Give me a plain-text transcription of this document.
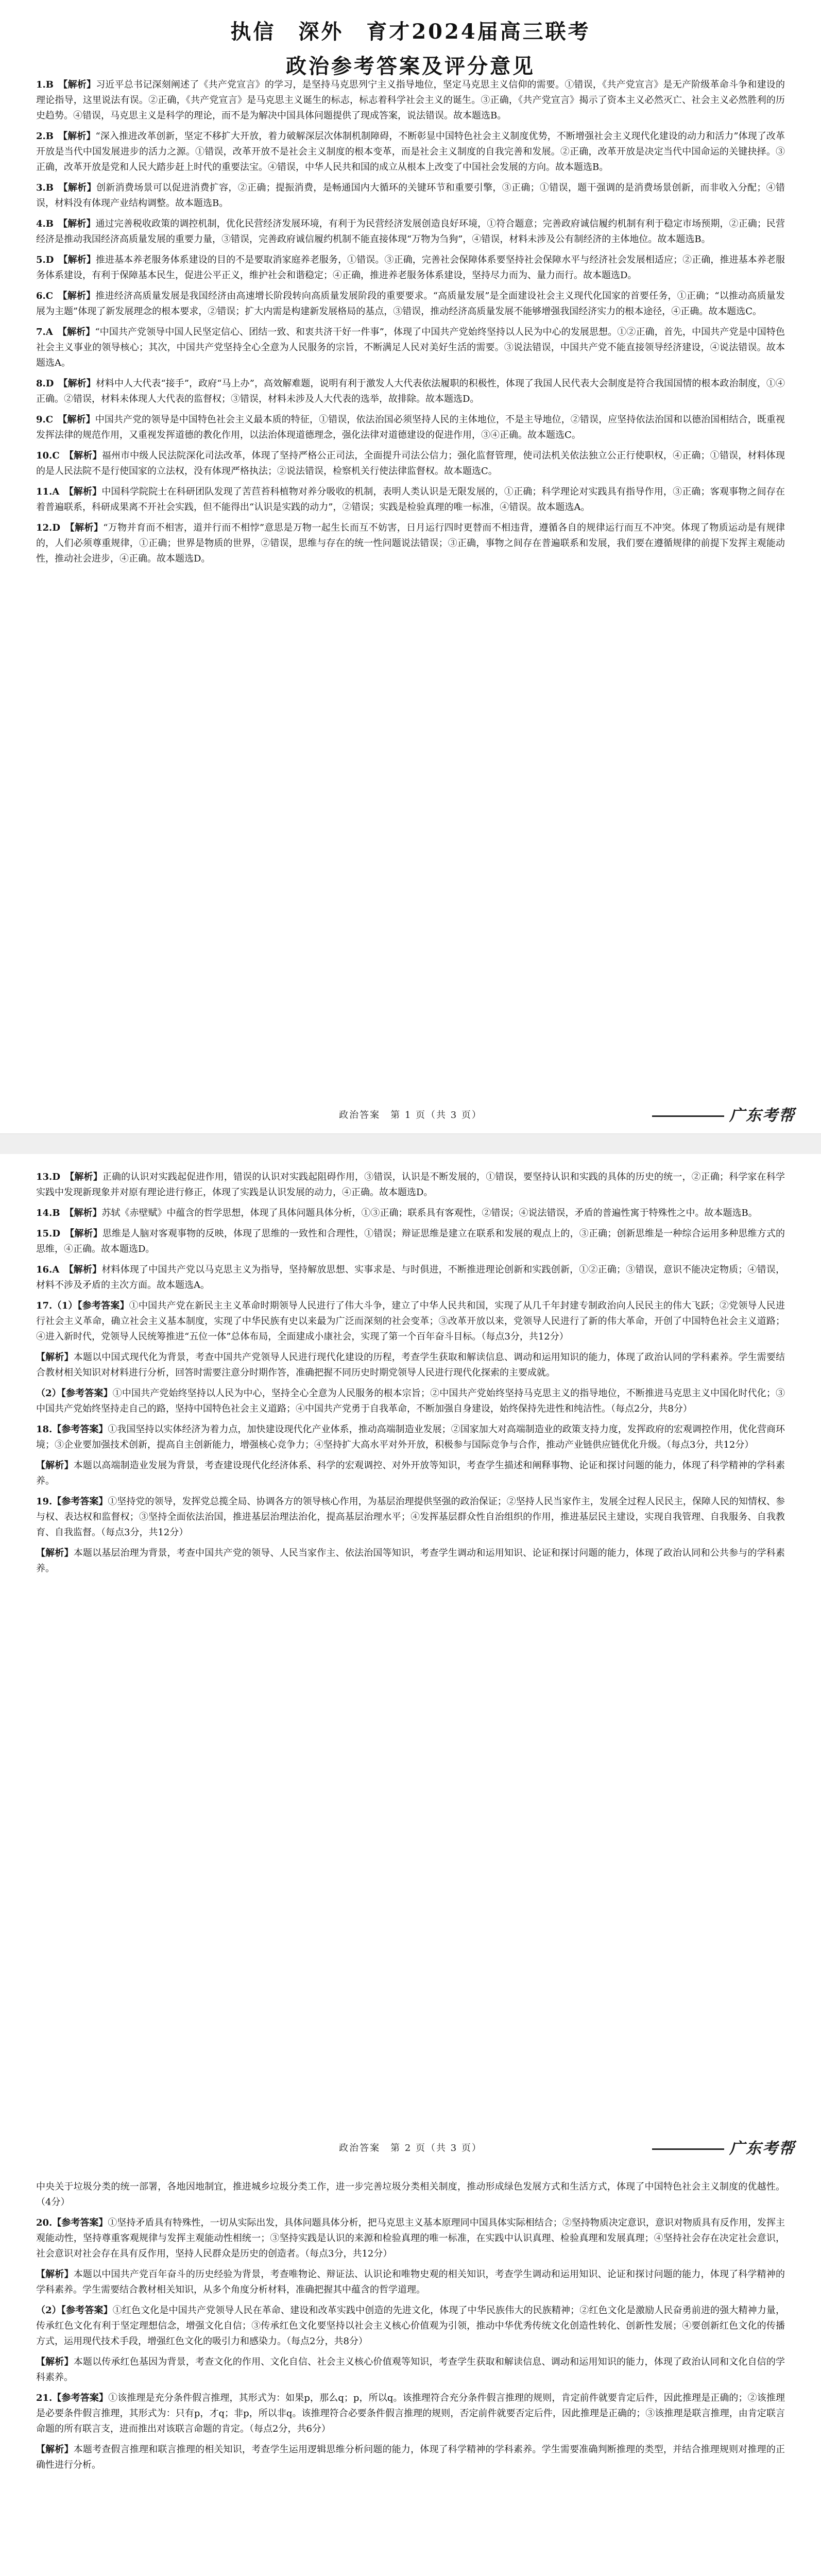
执信　深外　育才2024届高三联考
政治参考答案及评分意见

1.B　【解析】习近平总书记深刻阐述了《共产党宣言》的学习，是坚持马克思列宁主义指导地位，坚定马克思主义信仰的需要。①错误，《共产党宣言》是无产阶级革命斗争和建设的理论指导，这里说法有误。②正确，《共产党宣言》是马克思主义诞生的标志，标志着科学社会主义的诞生。③正确，《共产党宣言》揭示了资本主义必然灭亡、社会主义必然胜利的历史趋势。④错误，马克思主义是科学的理论，而不是为解决中国具体问题提供了现成答案，说法错误。故本题选B。

2.B　【解析】“深入推进改革创新，坚定不移扩大开放，着力破解深层次体制机制障碍，不断彰显中国特色社会主义制度优势，不断增强社会主义现代化建设的动力和活力”体现了改革开放是当代中国发展进步的活力之源。①错误，改革开放不是社会主义制度的根本变革，而是社会主义制度的自我完善和发展。②正确，改革开放是决定当代中国命运的关键抉择。③正确，改革开放是党和人民大踏步赶上时代的重要法宝。④错误，中华人民共和国的成立从根本上改变了中国社会发展的方向。故本题选B。

3.B　【解析】创新消费场景可以促进消费扩容，②正确；提振消费，是畅通国内大循环的关键环节和重要引擎，③正确；①错误，题干强调的是消费场景创新，而非收入分配；④错误，材料没有体现产业结构调整。故本题选B。

4.B　【解析】通过完善税收政策的调控机制，优化民营经济发展环境，有利于为民营经济发展创造良好环境，①符合题意；完善政府诚信履约机制有利于稳定市场预期，②正确；民营经济是推动我国经济高质量发展的重要力量，③错误，完善政府诚信履约机制不能直接体现“万物为刍狗”，④错误，材料未涉及公有制经济的主体地位。故本题选B。

5.D　【解析】推进基本养老服务体系建设的目的不是要取消家庭养老服务，①错误。③正确，完善社会保障体系要坚持社会保障水平与经济社会发展相适应；②正确，推进基本养老服务体系建设，有利于保障基本民生，促进公平正义，维护社会和谐稳定；④正确，推进养老服务体系建设，坚持尽力而为、量力而行。故本题选D。

6.C　【解析】推进经济高质量发展是我国经济由高速增长阶段转向高质量发展阶段的重要要求。“高质量发展”是全面建设社会主义现代化国家的首要任务，①正确；“以推动高质量发展为主题”体现了新发展理念的根本要求，②错误；扩大内需是构建新发展格局的基点，③错误，推动经济高质量发展不能够增强我国经济实力的根本途径，④正确。故本题选C。

7.A　【解析】“中国共产党领导中国人民坚定信心、团结一致、和衷共济干好一件事”，体现了中国共产党始终坚持以人民为中心的发展思想。①②正确，首先，中国共产党是中国特色社会主义事业的领导核心；其次，中国共产党坚持全心全意为人民服务的宗旨，不断满足人民对美好生活的需要。③说法错误，中国共产党不能直接领导经济建设，④说法错误。故本题选A。

8.D　【解析】材料中人大代表“接手”，政府“马上办”，高效解难题，说明有利于激发人大代表依法履职的积极性，体现了我国人民代表大会制度是符合我国国情的根本政治制度，①④正确。②错误，材料未体现人大代表的监督权；③错误，材料未涉及人大代表的选举，故排除。故本题选D。

9.C　【解析】中国共产党的领导是中国特色社会主义最本质的特征，①错误，依法治国必须坚持人民的主体地位，不是主导地位，②错误，应坚持依法治国和以德治国相结合，既重视发挥法律的规范作用，又重视发挥道德的教化作用，以法治体现道德理念，强化法律对道德建设的促进作用，③④正确。故本题选C。

10.C　【解析】福州市中级人民法院深化司法改革，体现了坚持严格公正司法，全面提升司法公信力；强化监督管理，使司法机关依法独立公正行使职权，④正确；①错误，材料体现的是人民法院不是行使国家的立法权，没有体现严格执法；②说法错误，检察机关行使法律监督权。故本题选C。

11.A　【解析】中国科学院院士在科研团队发现了苦苣苔科植物对养分吸收的机制，表明人类认识是无限发展的，①正确；科学理论对实践具有指导作用，③正确；客观事物之间存在着普遍联系，科研成果离不开社会实践，但不能得出“认识是实践的动力”，②错误；实践是检验真理的唯一标准，④错误。故本题选A。

12.D　【解析】“万物并育而不相害，道并行而不相悖”意思是万物一起生长而互不妨害，日月运行四时更替而不相违背，遵循各自的规律运行而互不冲突。体现了物质运动是有规律的，人们必须尊重规律，①正确；世界是物质的世界，②错误，思维与存在的统一性问题说法错误；③正确，事物之间存在普遍联系和发展，我们要在遵循规律的前提下发挥主观能动性，推动社会进步，④正确。故本题选D。

政治答案　第 1 页（共 3 页）	广东考帮

13.D　【解析】正确的认识对实践起促进作用，错误的认识对实践起阻碍作用，③错误，认识是不断发展的，①错误，要坚持认识和实践的具体的历史的统一，②正确；科学家在科学实践中发现新现象并对原有理论进行修正，体现了实践是认识发展的动力，④正确。故本题选D。

14.B　【解析】苏轼《赤壁赋》中蕴含的哲学思想，体现了具体问题具体分析，①③正确；联系具有客观性，②错误；④说法错误，矛盾的普遍性寓于特殊性之中。故本题选B。

15.D　【解析】思维是人脑对客观事物的反映，体现了思维的一致性和合理性，①错误；辩证思维是建立在联系和发展的观点上的，③正确；创新思维是一种综合运用多种思维方式的思维，④正确。故本题选D。

16.A　【解析】材料体现了中国共产党以马克思主义为指导，坚持解放思想、实事求是、与时俱进，不断推进理论创新和实践创新，①②正确；③错误，意识不能决定物质；④错误，材料不涉及矛盾的主次方面。故本题选A。

17.（1）【参考答案】①中国共产党在新民主主义革命时期领导人民进行了伟大斗争，建立了中华人民共和国，实现了从几千年封建专制政治向人民民主的伟大飞跃；②党领导人民进行社会主义革命，确立社会主义基本制度，实现了中华民族有史以来最为广泛而深刻的社会变革；③改革开放以来，党领导人民进行了新的伟大革命，开创了中国特色社会主义道路；④进入新时代，党领导人民统筹推进“五位一体”总体布局，全面建成小康社会，实现了第一个百年奋斗目标。（每点3分，共12分）

【解析】本题以中国式现代化为背景，考查中国共产党领导人民进行现代化建设的历程，考查学生获取和解读信息、调动和运用知识的能力，体现了政治认同的学科素养。学生需要结合教材相关知识对材料进行分析，回答时需要注意分时期作答，准确把握不同历史时期党领导人民进行现代化探索的主要成就。

（2）【参考答案】①中国共产党始终坚持以人民为中心，坚持全心全意为人民服务的根本宗旨；②中国共产党始终坚持马克思主义的指导地位，不断推进马克思主义中国化时代化；③中国共产党始终坚持走自己的路，坚持中国特色社会主义道路；④中国共产党勇于自我革命，不断加强自身建设，始终保持先进性和纯洁性。（每点2分，共8分）

18.【参考答案】①我国坚持以实体经济为着力点，加快建设现代化产业体系，推动高端制造业发展；②国家加大对高端制造业的政策支持力度，发挥政府的宏观调控作用，优化营商环境；③企业要加强技术创新，提高自主创新能力，增强核心竞争力；④坚持扩大高水平对外开放，积极参与国际竞争与合作，推动产业链供应链优化升级。（每点3分，共12分）

【解析】本题以高端制造业发展为背景，考查建设现代化经济体系、科学的宏观调控、对外开放等知识，考查学生描述和阐释事物、论证和探讨问题的能力，体现了科学精神的学科素养。

19.【参考答案】①坚持党的领导，发挥党总揽全局、协调各方的领导核心作用，为基层治理提供坚强的政治保证；②坚持人民当家作主，发展全过程人民民主，保障人民的知情权、参与权、表达权和监督权；③坚持全面依法治国，推进基层治理法治化，提高基层治理水平；④发挥基层群众性自治组织的作用，推进基层民主建设，实现自我管理、自我服务、自我教育、自我监督。（每点3分，共12分）

【解析】本题以基层治理为背景，考查中国共产党的领导、人民当家作主、依法治国等知识，考查学生调动和运用知识、论证和探讨问题的能力，体现了政治认同和公共参与的学科素养。

政治答案　第 2 页（共 3 页）	广东考帮

中央关于垃圾分类的统一部署，各地因地制宜，推进城乡垃圾分类工作，进一步完善垃圾分类相关制度，推动形成绿色发展方式和生活方式，体现了中国特色社会主义制度的优越性。（4分）

20.【参考答案】①坚持矛盾具有特殊性，一切从实际出发，具体问题具体分析，把马克思主义基本原理同中国具体实际相结合；②坚持物质决定意识，意识对物质具有反作用，发挥主观能动性，坚持尊重客观规律与发挥主观能动性相统一；③坚持实践是认识的来源和检验真理的唯一标准，在实践中认识真理、检验真理和发展真理；④坚持社会存在决定社会意识，社会意识对社会存在具有反作用，坚持人民群众是历史的创造者。（每点3分，共12分）

【解析】本题以中国共产党百年奋斗的历史经验为背景，考查唯物论、辩证法、认识论和唯物史观的相关知识，考查学生调动和运用知识、论证和探讨问题的能力，体现了科学精神的学科素养。学生需要结合教材相关知识，从多个角度分析材料，准确把握其中蕴含的哲学道理。

（2）【参考答案】①红色文化是中国共产党领导人民在革命、建设和改革实践中创造的先进文化，体现了中华民族伟大的民族精神；②红色文化是激励人民奋勇前进的强大精神力量，传承红色文化有利于坚定理想信念，增强文化自信；③传承红色文化要坚持以社会主义核心价值观为引领，推动中华优秀传统文化创造性转化、创新性发展；④要创新红色文化的传播方式，运用现代技术手段，增强红色文化的吸引力和感染力。（每点2分，共8分）

【解析】本题以传承红色基因为背景，考查文化的作用、文化自信、社会主义核心价值观等知识，考查学生获取和解读信息、调动和运用知识的能力，体现了政治认同和文化自信的学科素养。

21.【参考答案】①该推理是充分条件假言推理，其形式为：如果p，那么q；p，所以q。该推理符合充分条件假言推理的规则，肯定前件就要肯定后件，因此推理是正确的；②该推理是必要条件假言推理，其形式为：只有p，才q；非p，所以非q。该推理符合必要条件假言推理的规则，否定前件就要否定后件，因此推理是正确的；③该推理是联言推理，由肯定联言命题的所有联言支，进而推出对该联言命题的肯定。（每点2分，共6分）

【解析】本题考查假言推理和联言推理的相关知识，考查学生运用逻辑思维分析问题的能力，体现了科学精神的学科素养。学生需要准确判断推理的类型，并结合推理规则对推理的正确性进行分析。
